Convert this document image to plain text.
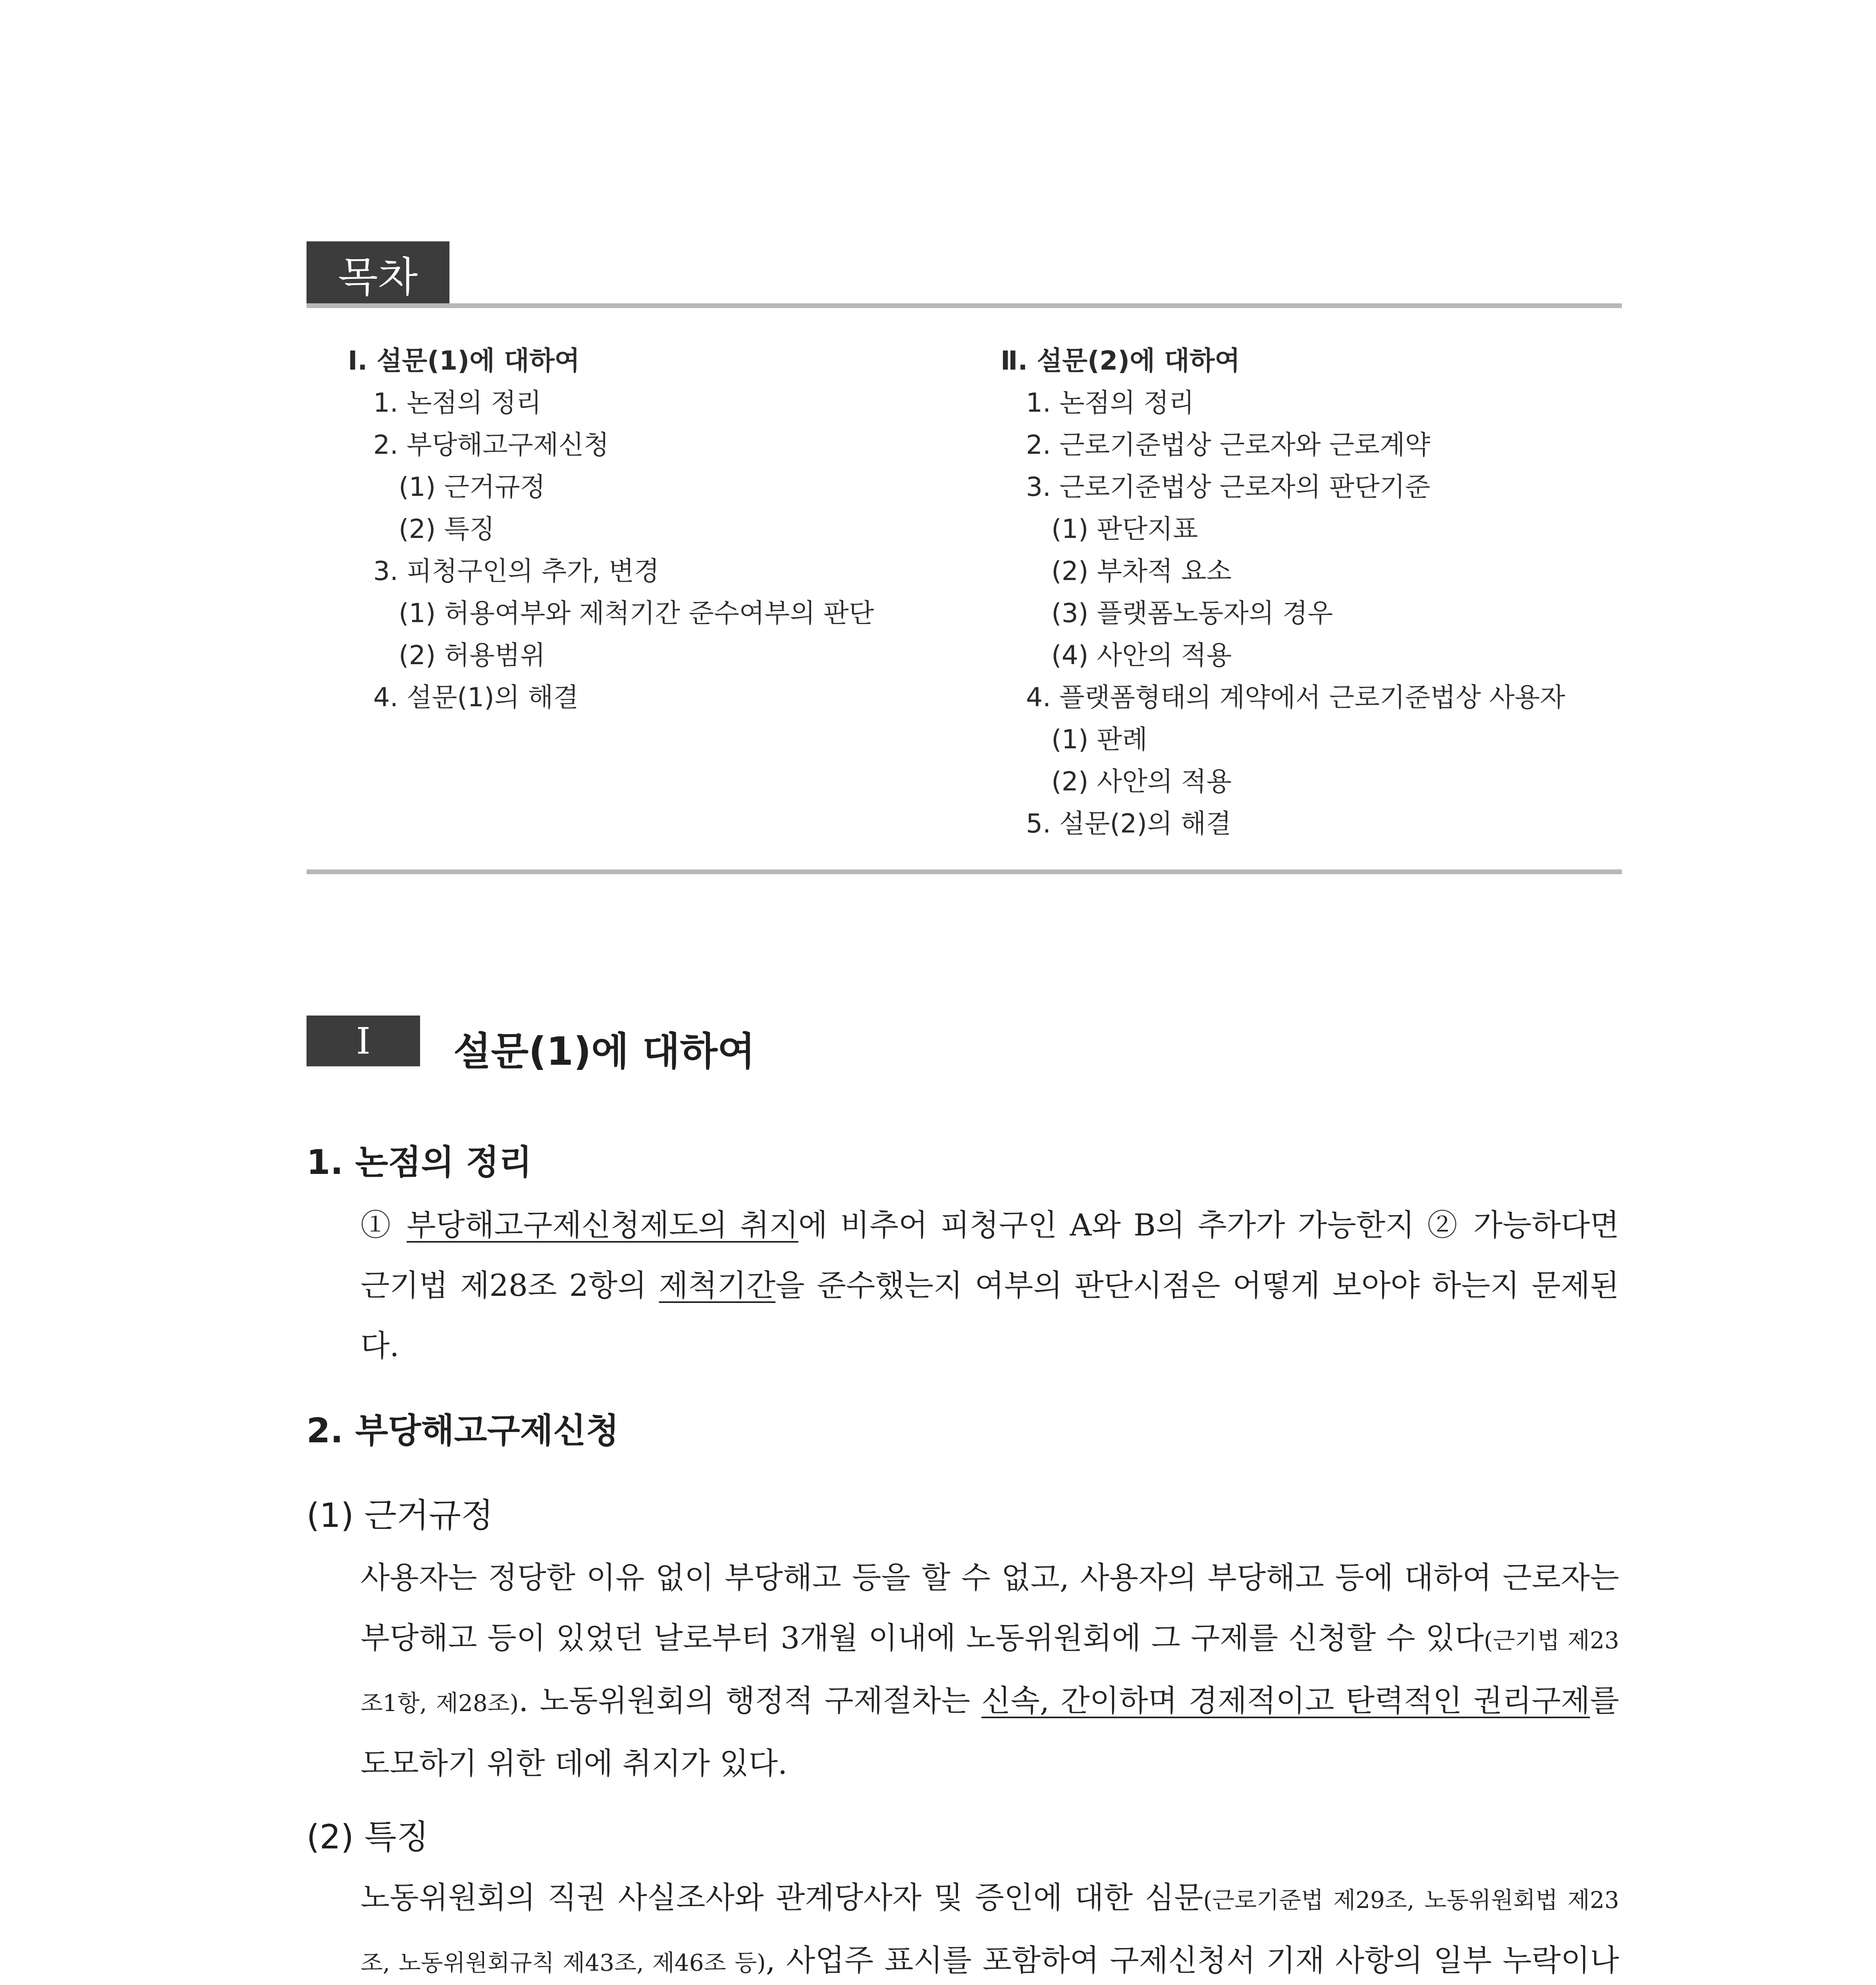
목차
Ⅰ. 설문(1)에 대하여
1. 논점의 정리
2. 부당해고구제신청
(1) 근거규정
(2) 특징
3. 피청구인의 추가, 변경
(1) 허용여부와 제척기간 준수여부의 판단
(2) 허용범위
4. 설문(1)의 해결
Ⅱ. 설문(2)에 대하여
1. 논점의 정리
2. 근로기준법상 근로자와 근로계약
3. 근로기준법상 근로자의 판단기준
(1) 판단지표
(2) 부차적 요소
(3) 플랫폼노동자의 경우
(4) 사안의 적용
4. 플랫폼형태의 계약에서 근로기준법상 사용자
(1) 판례
(2) 사안의 적용
5. 설문(2)의 해결
Ⅰ	설문(1)에 대하여
1. 논점의 정리

① 부당해고구제신청제도의 취지에 비추어 피청구인 A와 B의 추가가 가능한지 ② 가능하다면 근기법 제28조 2항의 제척기간을 준수했는지 여부의 판단시점은 어떻게 보아야 하는지 문제된다.

2. 부당해고구제신청
(1) 근거규정

사용자는 정당한 이유 없이 부당해고 등을 할 수 없고, 사용자의 부당해고 등에 대하여 근로자는 부당해고 등이 있었던 날로부터 3개월 이내에 노동위원회에 그 구제를 신청할 수 있다(근기법 제23조1항, 제28조). 노동위원회의 행정적 구제절차는 신속, 간이하며 경제적이고 탄력적인 권리구제를 도모하기 위한 데에 취지가 있다.

(2) 특징

노동위원회의 직권 사실조사와 관계당사자 및 증인에 대한 심문(근로기준법 제29조, 노동위원회법 제23조, 노동위원회규칙 제43조, 제46조 등), 사업주 표시를 포함하여 구제신청서 기재 사항의 일부 누락이나
